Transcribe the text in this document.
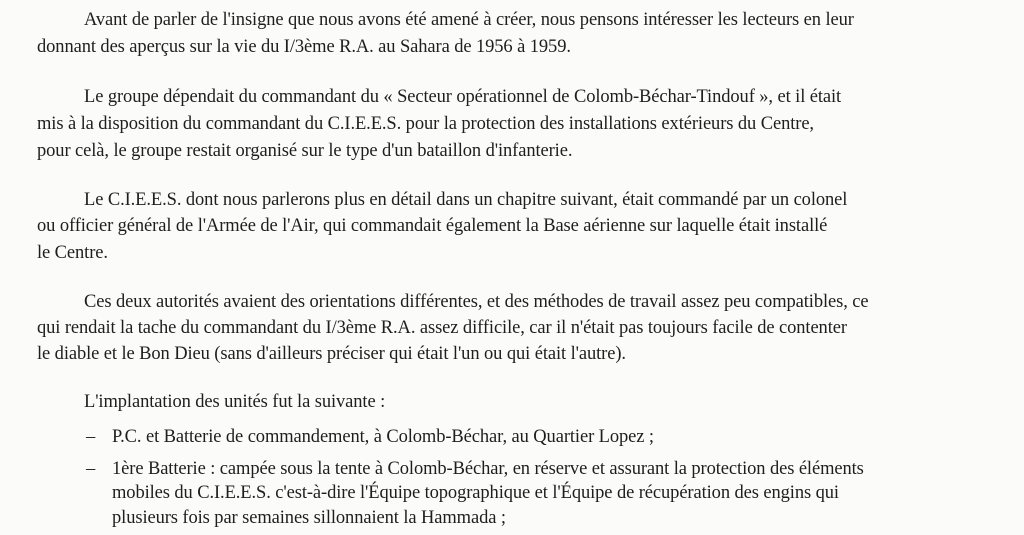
Avant de parler de l'insigne que nous avons été amené à créer, nous pensons intéresser les lecteurs en leur
donnant des aperçus sur la vie du I/3ème R.A. au Sahara de 1956 à 1959.
Le groupe dépendait du commandant du « Secteur opérationnel de Colomb-Béchar-Tindouf », et il était
mis à la disposition du commandant du C.I.E.E.S. pour la protection des installations extérieurs du Centre,
pour celà, le groupe restait organisé sur le type d'un bataillon d'infanterie.
Le C.I.E.E.S. dont nous parlerons plus en détail dans un chapitre suivant, était commandé par un colonel
ou officier général de l'Armée de l'Air, qui commandait également la Base aérienne sur laquelle était installé
le Centre.
Ces deux autorités avaient des orientations différentes, et des méthodes de travail assez peu compatibles, ce
qui rendait la tache du commandant du I/3ème R.A. assez difficile, car il n'était pas toujours facile de contenter
le diable et le Bon Dieu (sans d'ailleurs préciser qui était l'un ou qui était l'autre).
L'implantation des unités fut la suivante :
– P.C. et Batterie de commandement, à Colomb-Béchar, au Quartier Lopez ;
– 1ère Batterie : campée sous la tente à Colomb-Béchar, en réserve et assurant la protection des éléments
mobiles du C.I.E.E.S. c'est-à-dire l'Équipe topographique et l'Équipe de récupération des engins qui
plusieurs fois par semaines sillonnaient la Hammada ;
